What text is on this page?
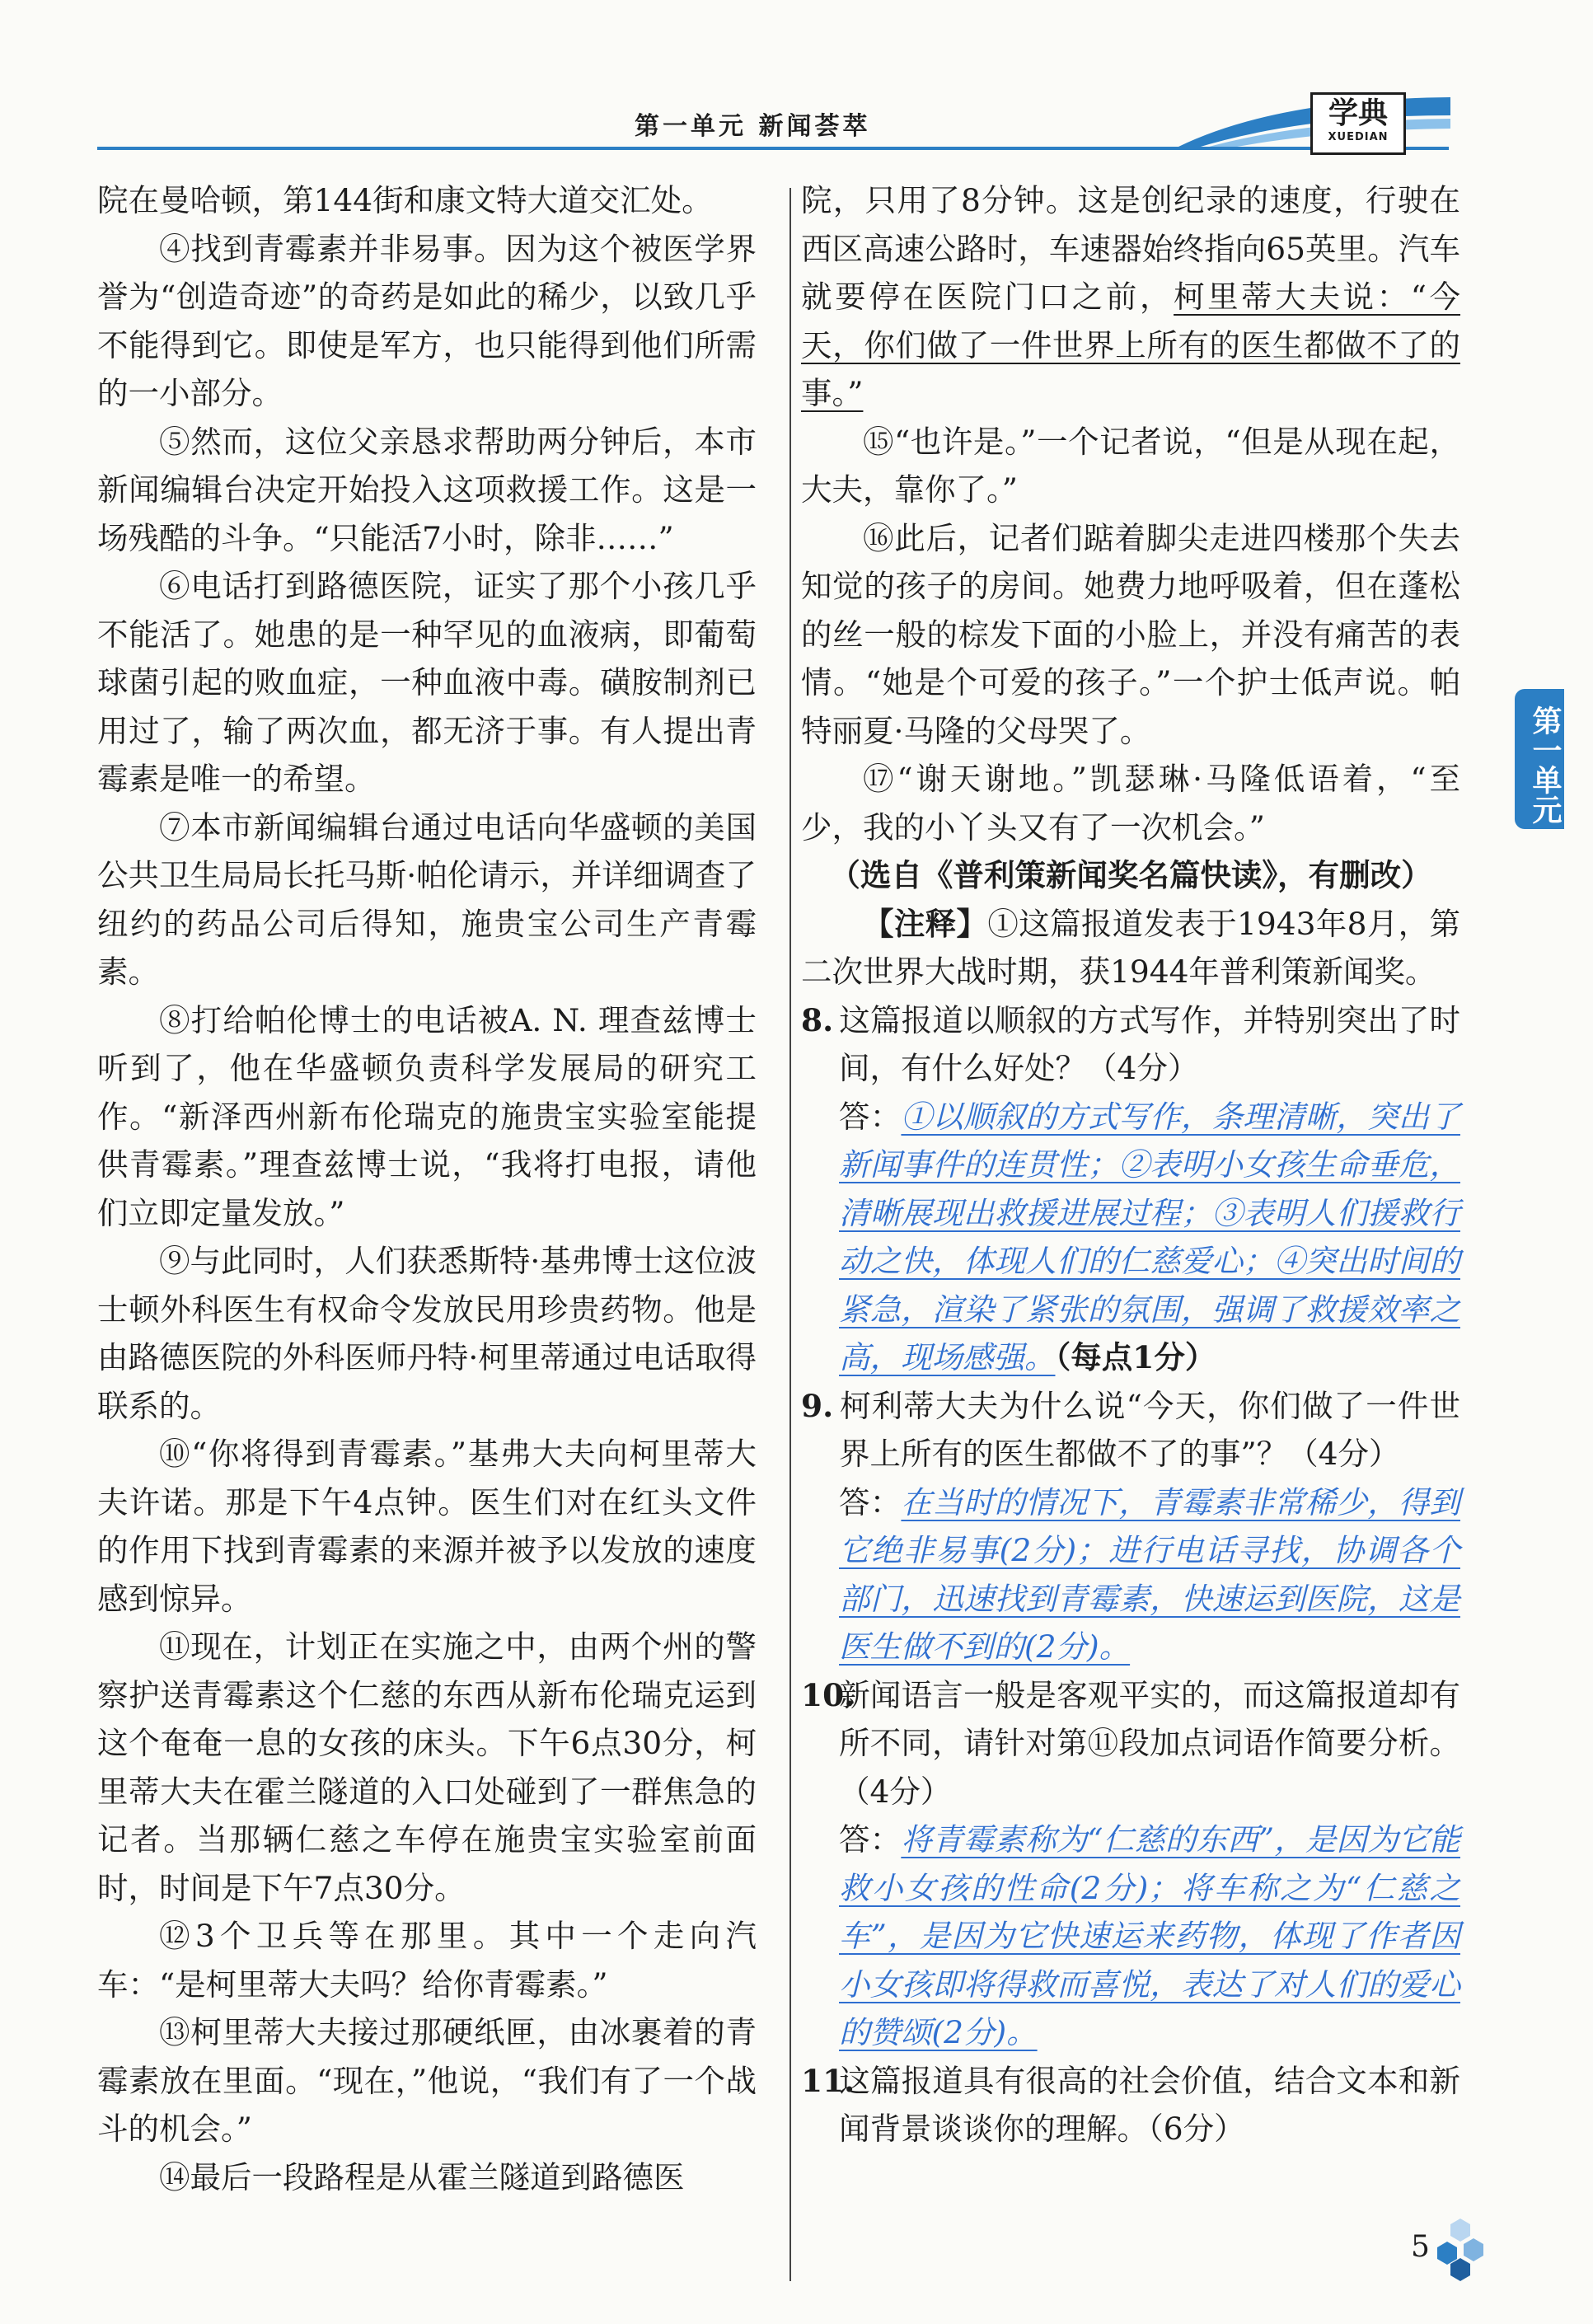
第一单元 新闻荟萃	学典
XUEDIAN

院在曼哈顿，第144街和康文特大道交汇处。

④找到青霉素并非易事。因为这个被医学界誉为“创造奇迹”的奇药是如此的稀少，以致几乎不能得到它。即使是军方，也只能得到他们所需的一小部分。

⑤然而，这位父亲恳求帮助两分钟后，本市新闻编辑台决定开始投入这项救援工作。这是一场残酷的斗争。“只能活7小时，除非……”

⑥电话打到路德医院，证实了那个小孩几乎不能活了。她患的是一种罕见的血液病，即葡萄球菌引起的败血症，一种血液中毒。磺胺制剂已用过了，输了两次血，都无济于事。有人提出青霉素是唯一的希望。

⑦本市新闻编辑台通过电话向华盛顿的美国公共卫生局局长托马斯·帕伦请示，并详细调查了纽约的药品公司后得知，施贵宝公司生产青霉素。

⑧打给帕伦博士的电话被A. N. 理查兹博士听到了，他在华盛顿负责科学发展局的研究工作。“新泽西州新布伦瑞克的施贵宝实验室能提供青霉素。”理查兹博士说，“我将打电报，请他们立即定量发放。”

⑨与此同时，人们获悉斯特·基弗博士这位波士顿外科医生有权命令发放民用珍贵药物。他是由路德医院的外科医师丹特·柯里蒂通过电话取得联系的。

⑩“你将得到青霉素。”基弗大夫向柯里蒂大夫许诺。那是下午4点钟。医生们对在红头文件的作用下找到青霉素的来源并被予以发放的速度感到惊异。

⑪现在，计划正在实施之中，由两个州的警察护送青霉素这个仁慈的东西从新布伦瑞克运到这个奄奄一息的女孩的床头。下午6点30分，柯里蒂大夫在霍兰隧道的入口处碰到了一群焦急的记者。当那辆仁慈之车停在施贵宝实验室前面时，时间是下午7点30分。

⑫3个卫兵等在那里。其中一个走向汽车：“是柯里蒂大夫吗？给你青霉素。”

⑬柯里蒂大夫接过那硬纸匣，由冰裹着的青霉素放在里面。“现在，”他说，“我们有了一个战斗的机会。”

⑭最后一段路程是从霍兰隧道到路德医

院，只用了8分钟。这是创纪录的速度，行驶在西区高速公路时，车速器始终指向65英里。汽车就要停在医院门口之前，柯里蒂大夫说：“今天，你们做了一件世界上所有的医生都做不了的事。”

⑮“也许是。”一个记者说，“但是从现在起，大夫，靠你了。”

⑯此后，记者们踮着脚尖走进四楼那个失去知觉的孩子的房间。她费力地呼吸着，但在蓬松的丝一般的棕发下面的小脸上，并没有痛苦的表情。“她是个可爱的孩子。”一个护士低声说。帕特丽夏·马隆的父母哭了。

⑰“谢天谢地。”凯瑟琳·马隆低语着，“至少，我的小丫头又有了一次机会。”

（选自《普利策新闻奖名篇快读》，有删改）

【注释】①这篇报道发表于1943年8月，第二次世界大战时期，获1944年普利策新闻奖。

8. 这篇报道以顺叙的方式写作，并特别突出了时间，有什么好处？（4分）

答：①以顺叙的方式写作，条理清晰，突出了新闻事件的连贯性；②表明小女孩生命垂危，清晰展现出救援进展过程；③表明人们援救行动之快，体现人们的仁慈爱心；④突出时间的紧急，渲染了紧张的氛围，强调了救援效率之高，现场感强。（每点1分）

9. 柯利蒂大夫为什么说“今天，你们做了一件世界上所有的医生都做不了的事”？（4分）

答：在当时的情况下，青霉素非常稀少，得到它绝非易事(2分)；进行电话寻找，协调各个部门，迅速找到青霉素，快速运到医院，这是医生做不到的(2分)。

10.新闻语言一般是客观平实的，而这篇报道却有所不同，请针对第⑪段加点词语作简要分析。（4分）

答：将青霉素称为“仁慈的东西”，是因为它能救小女孩的性命(2分)；将车称之为“仁慈之车”，是因为它快速运来药物，体现了作者因小女孩即将得救而喜悦，表达了对人们的爱心的赞颂(2分)。

11.这篇报道具有很高的社会价值，结合文本和新闻背景谈谈你的理解。（6分）

第一单元
5
